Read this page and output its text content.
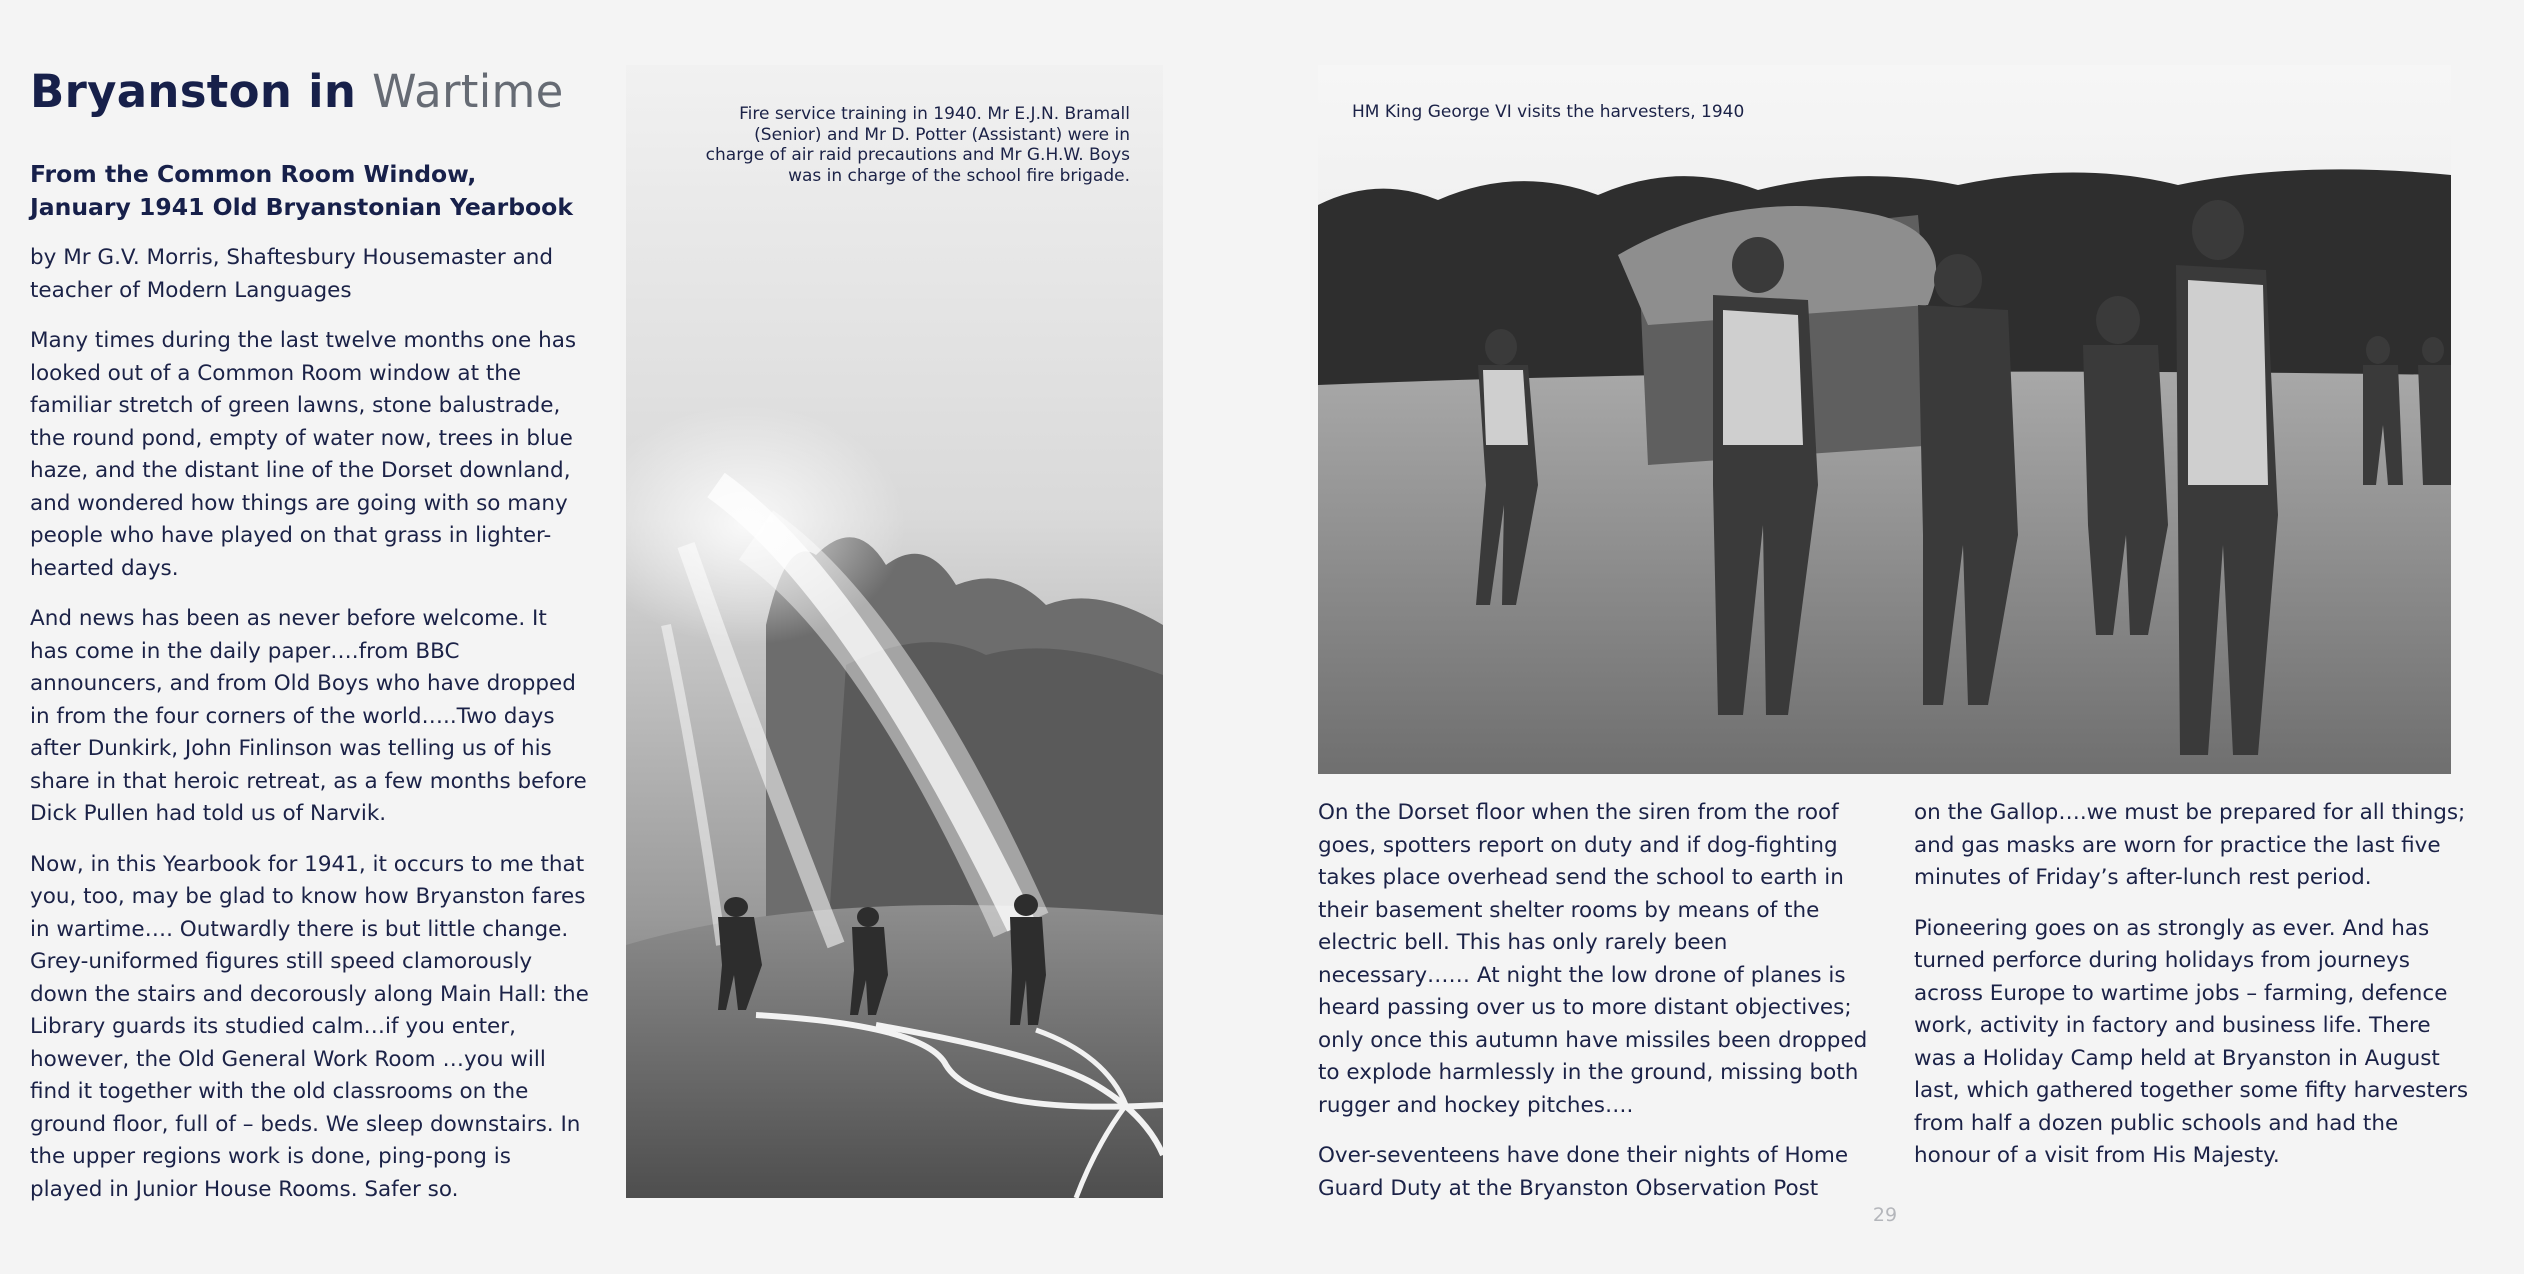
Bryanston in Wartime
From the Common Room Window,
January 1941 Old Bryanstonian Yearbook

by Mr G.V. Morris, Shaftesbury Housemaster and teacher of Modern Languages

Many times during the last twelve months one has looked out of a Common Room window at the familiar stretch of green lawns, stone balustrade, the round pond, empty of water now, trees in blue haze, and the distant line of the Dorset downland, and wondered how things are going with so many people who have played on that grass in lighter-hearted days.

And news has been as never before welcome. It has come in the daily paper….from BBC announcers, and from Old Boys who have dropped in from the four corners of the world…..Two days after Dunkirk, John Finlinson was telling us of his share in that heroic retreat, as a few months before Dick Pullen had told us of Narvik.

Now, in this Yearbook for 1941, it occurs to me that you, too, may be glad to know how Bryanston fares in wartime…. Outwardly there is but little change. Grey-uniformed figures still speed clamorously down the stairs and decorously along Main Hall: the Library guards its studied calm…if you enter, however, the Old General Work Room …you will find it together with the old classrooms on the ground floor, full of – beds. We sleep downstairs. In the upper regions work is done, ping-pong is played in Junior House Rooms. Safer so.

Fire service training in 1940. Mr E.J.N. Bramall (Senior) and Mr D. Potter (Assistant) were in charge of air raid precautions and Mr G.H.W. Boys was in charge of the school fire brigade.
HM King George VI visits the harvesters, 1940

On the Dorset floor when the siren from the roof goes, spotters report on duty and if dog-fighting takes place overhead send the school to earth in their basement shelter rooms by means of the electric bell. This has only rarely been necessary…… At night the low drone of planes is heard passing over us to more distant objectives; only once this autumn have missiles been dropped to explode harmlessly in the ground, missing both rugger and hockey pitches….

Over-seventeens have done their nights of Home Guard Duty at the Bryanston Observation Post

on the Gallop….we must be prepared for all things; and gas masks are worn for practice the last five minutes of Friday’s after-lunch rest period.

Pioneering goes on as strongly as ever. And has turned perforce during holidays from journeys across Europe to wartime jobs – farming, defence work, activity in factory and business life. There was a Holiday Camp held at Bryanston in August last, which gathered together some fifty harvesters from half a dozen public schools and had the honour of a visit from His Majesty.

29
